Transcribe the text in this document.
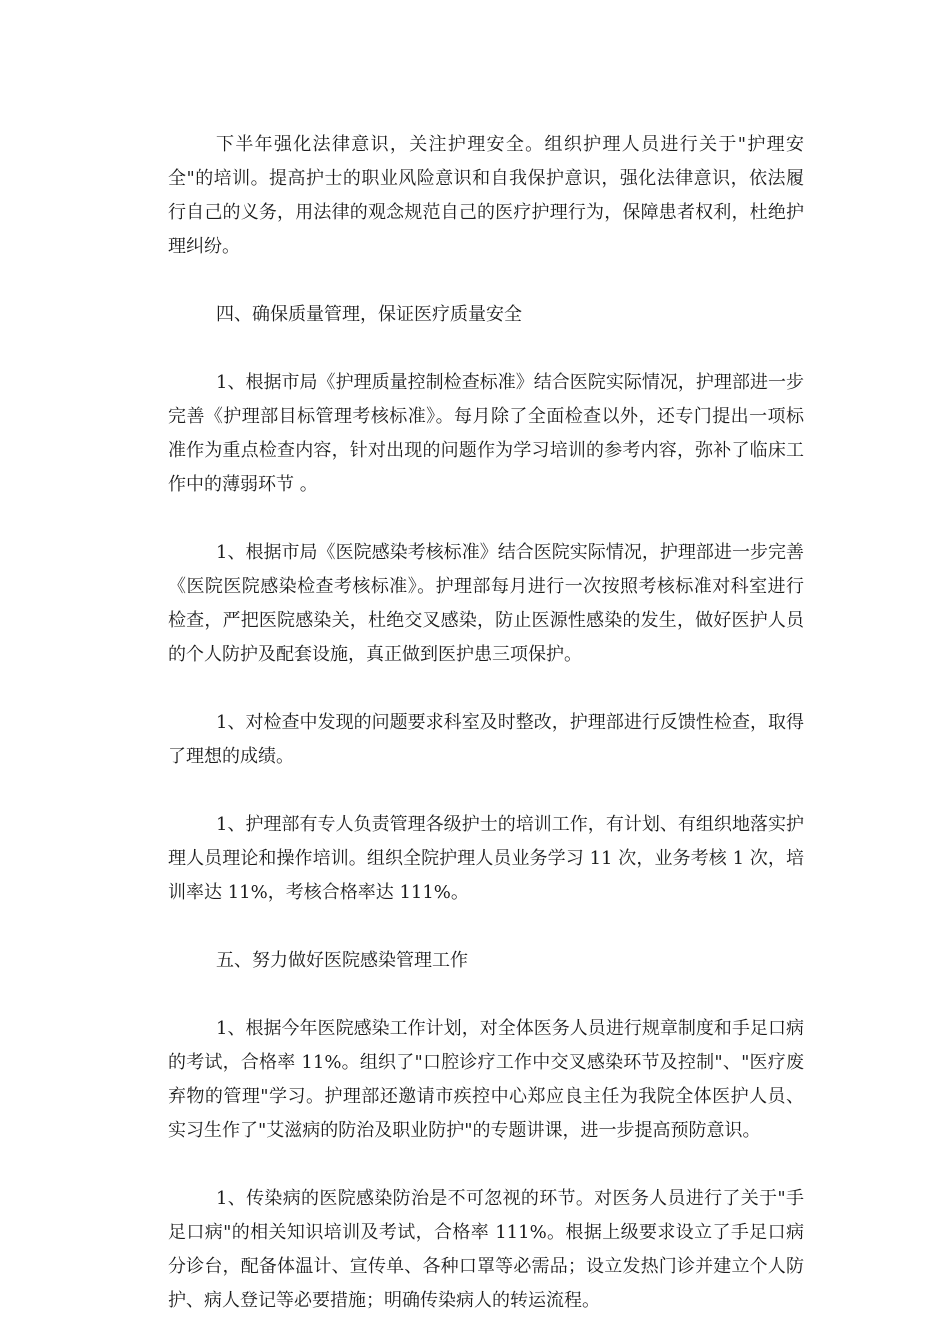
下半年强化法律意识，关注护理安全。组织护理人员进行关于"护理安全"的培训。提高护士的职业风险意识和自我保护意识，强化法律意识，依法履行自己的义务，用法律的观念规范自己的医疗护理行为，保障患者权利，杜绝护理纠纷。

四、确保质量管理，保证医疗质量安全

1、根据市局《护理质量控制检查标准》结合医院实际情况，护理部进一步完善《护理部目标管理考核标准》。每月除了全面检查以外，还专门提出一项标准作为重点检查内容，针对出现的问题作为学习培训的参考内容，弥补了临床工作中的薄弱环节 。

1、根据市局《医院感染考核标准》结合医院实际情况，护理部进一步完善《医院医院感染检查考核标准》。护理部每月进行一次按照考核标准对科室进行检查，严把医院感染关，杜绝交叉感染，防止医源性感染的发生，做好医护人员的个人防护及配套设施，真正做到医护患三项保护。

1、对检查中发现的问题要求科室及时整改，护理部进行反馈性检查，取得了理想的成绩。

1、护理部有专人负责管理各级护士的培训工作，有计划、有组织地落实护理人员理论和操作培训。组织全院护理人员业务学习 11 次，业务考核 1 次，培训率达 11%，考核合格率达 111%。

五、努力做好医院感染管理工作

1、根据今年医院感染工作计划，对全体医务人员进行规章制度和手足口病的考试，合格率 11%。组织了"口腔诊疗工作中交叉感染环节及控制"、"医疗废弃物的管理"学习。护理部还邀请市疾控中心郑应良主任为我院全体医护人员、实习生作了"艾滋病的防治及职业防护"的专题讲课，进一步提高预防意识。

1、传染病的医院感染防治是不可忽视的环节。对医务人员进行了关于"手足口病"的相关知识培训及考试，合格率 111%。根据上级要求设立了手足口病分诊台，配备体温计、宣传单、各种口罩等必需品；设立发热门诊并建立个人防护、病人登记等必要措施；明确传染病人的转运流程。
